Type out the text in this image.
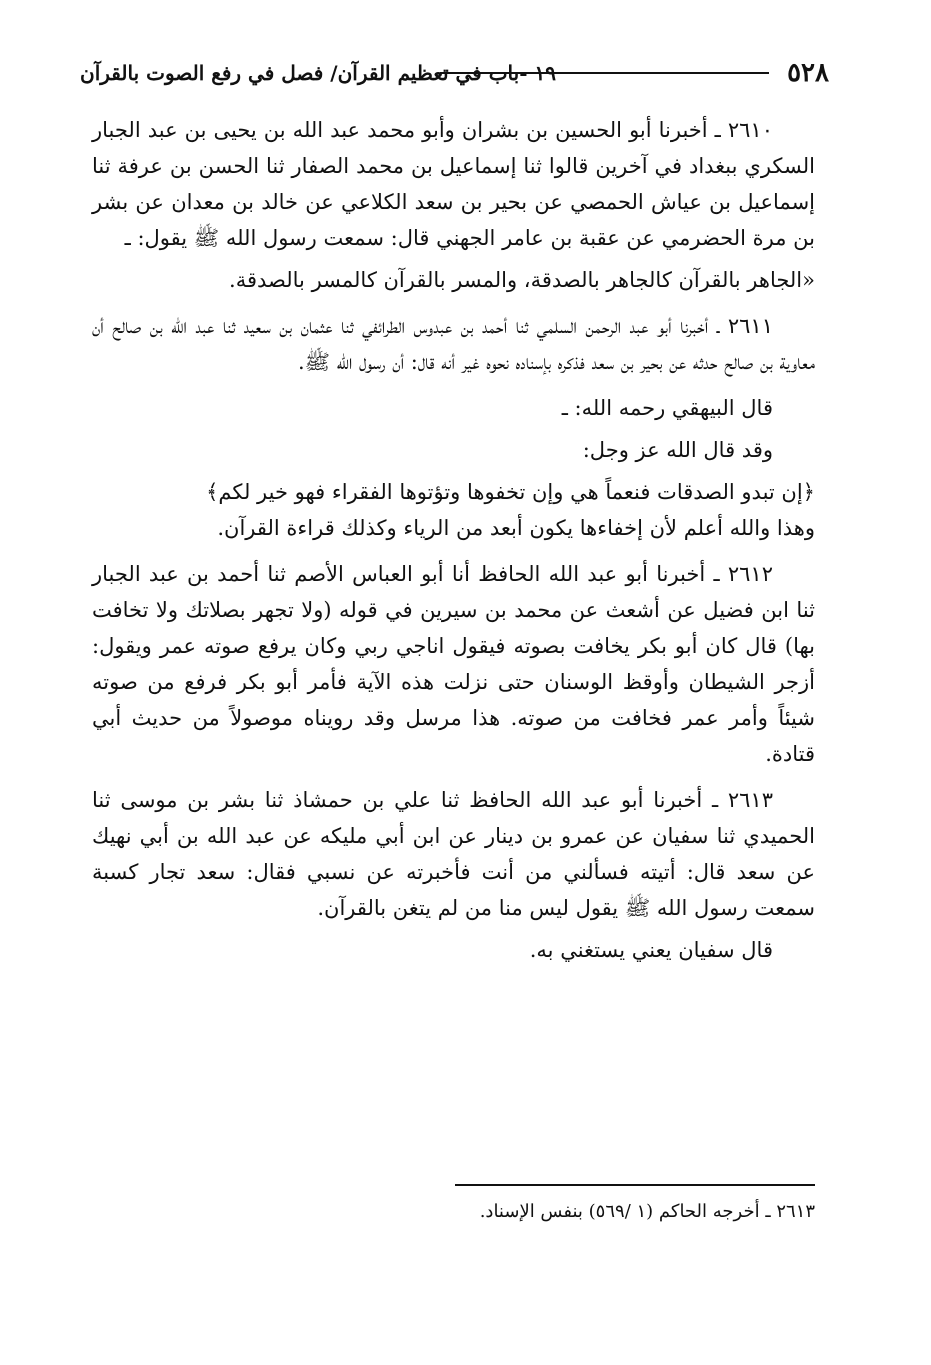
٥٢٨
١٩ -باب في تعظيم القرآن/ فصل في رفع الصوت بالقرآن

٢٦١٠ ـ أخبرنا أبو الحسين بن بشران وأبو محمد عبد الله بن يحيى بن عبد الجبار السكري ببغداد في آخرين قالوا ثنا إسماعيل بن محمد الصفار ثنا الحسن بن عرفة ثنا إسماعيل بن عياش الحمصي عن بحير بن سعد الكلاعي عن خالد بن معدان عن بشر بن مرة الحضرمي عن عقبة بن عامر الجهني قال: سمعت رسول الله ﷺ يقول: ـ

«الجاهر بالقرآن كالجاهر بالصدقة، والمسر بالقرآن كالمسر بالصدقة.

٢٦١١ ـ أخبرنا أبو عبد الرحمن السلمي ثنا أحمد بن عبدوس الطرائفي ثنا عثمان بن سعيد ثنا عبد الله بن صالح أن معاوية بن صالح حدثه عن بحير بن سعد فذكره بإسناده نحوه غير أنه قال: أن رسول الله ﷺ.

قال البيهقي رحمه الله: ـ

وقد قال الله عز وجل:

﴿إن تبدو الصدقات فنعماً هي وإن تخفوها وتؤتوها الفقراء فهو خير لكم﴾
وهذا والله أعلم لأن إخفاءها يكون أبعد من الرياء وكذلك قراءة القرآن.

٢٦١٢ ـ أخبرنا أبو عبد الله الحافظ أنا أبو العباس الأصم ثنا أحمد بن عبد الجبار ثنا ابن فضيل عن أشعث عن محمد بن سيرين في قوله (ولا تجهر بصلاتك ولا تخافت بها) قال كان أبو بكر يخافت بصوته فيقول اناجي ربي وكان يرفع صوته عمر ويقول: أزجر الشيطان وأوقظ الوسنان حتى نزلت هذه الآية فأمر أبو بكر فرفع من صوته شيئاً وأمر عمر فخافت من صوته. هذا مرسل وقد رويناه موصولاً من حديث أبي قتادة.

٢٦١٣ ـ أخبرنا أبو عبد الله الحافظ ثنا علي بن حمشاذ ثنا بشر بن موسى ثنا الحميدي ثنا سفيان عن عمرو بن دينار عن ابن أبي مليكه عن عبد الله بن أبي نهيك عن سعد قال: أتيته فسألني من أنت فأخبرته عن نسبي فقال: سعد تجار كسبة سمعت رسول الله ﷺ يقول ليس منا من لم يتغن بالقرآن.

قال سفيان يعني يستغني به.

٢٦١٣ ـ أخرجه الحاكم (١ /٥٦٩) بنفس الإسناد.
